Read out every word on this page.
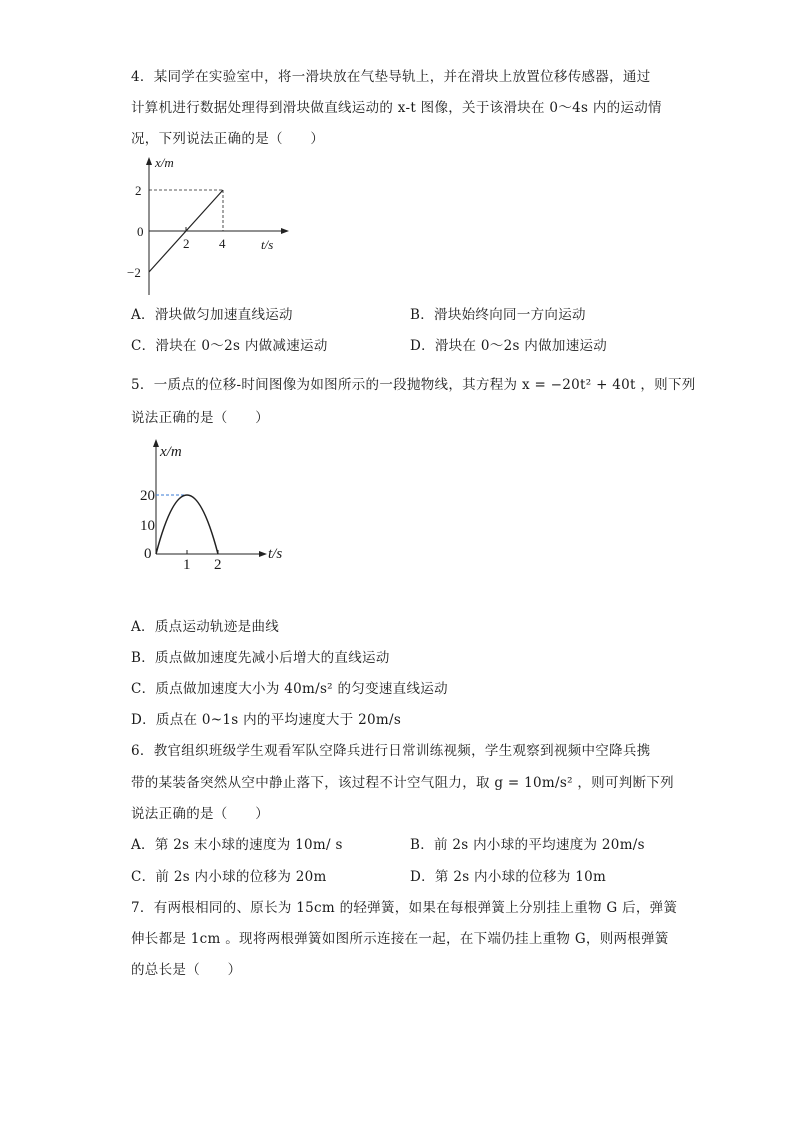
4．某同学在实验室中，将一滑块放在气垫导轨上，并在滑块上放置位移传感器，通过
计算机进行数据处理得到滑块做直线运动的 x-t 图像，关于该滑块在 0～4s 内的运动情
况，下列说法正确的是（　　）
x/m
t/s
2
0
−2
2 4
A．滑块做匀加速直线运动	B．滑块始终向同一方向运动
C．滑块在 0～2s 内做减速运动	D．滑块在 0～2s 内做加速运动
5．一质点的位移-时间图像为如图所示的一段抛物线，其方程为 x = −20t² + 40t ，则下列
说法正确的是（　　）
x/m
t/s
20
10
0
1 2
A．质点运动轨迹是曲线
B．质点做加速度先减小后增大的直线运动
C．质点做加速度大小为 40m/s² 的匀变速直线运动
D．质点在 0~1s 内的平均速度大于 20m/s
6．教官组织班级学生观看军队空降兵进行日常训练视频，学生观察到视频中空降兵携
带的某装备突然从空中静止落下，该过程不计空气阻力，取 g = 10m/s² ，则可判断下列
说法正确的是（　　）
A．第 2s 末小球的速度为 10m/ s	B．前 2s 内小球的平均速度为 20m/s
C．前 2s 内小球的位移为 20m	D．第 2s 内小球的位移为 10m
7．有两根相同的、原长为 15cm 的轻弹簧，如果在每根弹簧上分别挂上重物 G 后，弹簧
伸长都是 1cm 。现将两根弹簧如图所示连接在一起，在下端仍挂上重物 G，则两根弹簧
的总长是（　　）
